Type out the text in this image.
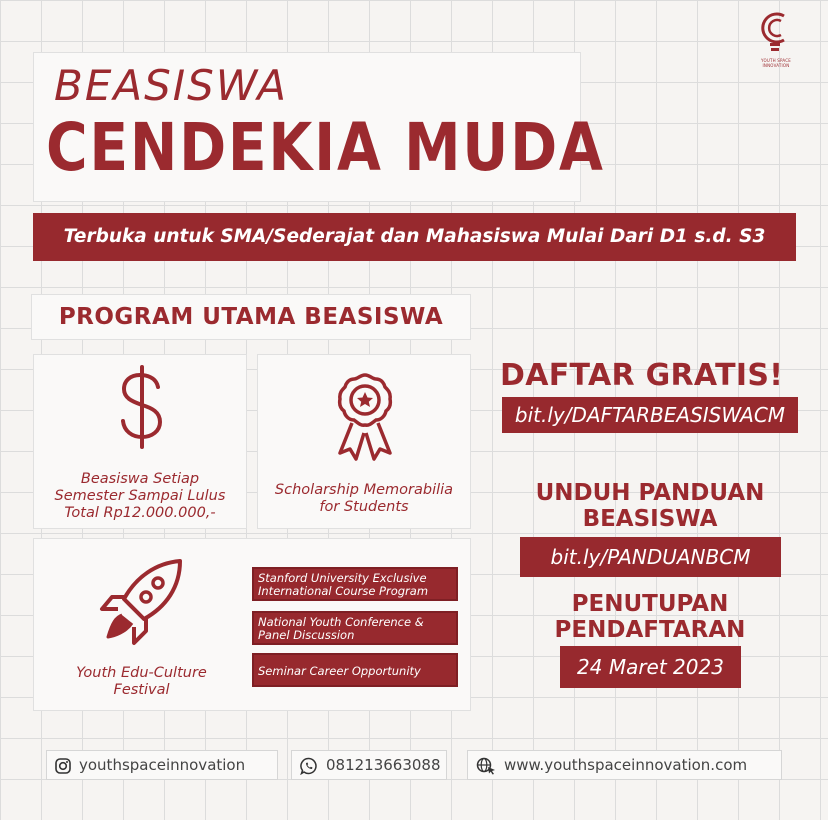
YOUTH SPACE INNOVATION
BEASISWA
CENDEKIA MUDA
Terbuka untuk SMA/Sederajat dan Mahasiswa Mulai Dari D1 s.d. S3
PROGRAM UTAMA BEASISWA
Beasiswa Setiap
Semester Sampai Lulus
Total Rp12.000.000,-
Scholarship Memorabilia
for Students
Youth Edu-Culture
Festival
Stanford University Exclusive
International Course Program
National Youth Conference &
Panel Discussion
Seminar Career Opportunity
DAFTAR GRATIS!
bit.ly/DAFTARBEASISWACM
UNDUH PANDUAN
BEASISWA
bit.ly/PANDUANBCM
PENUTUPAN
PENDAFTARAN
24 Maret 2023
youthspaceinnovation	081213663088	www.youthspaceinnovation.com
